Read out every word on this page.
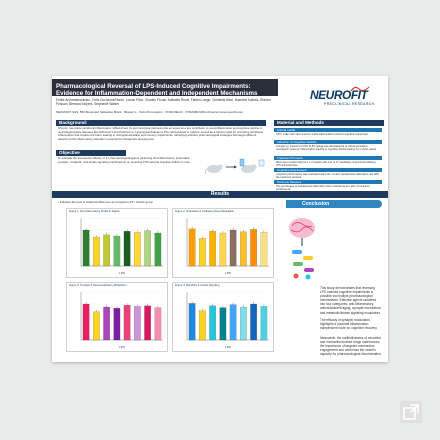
Pharmacological Reversal of LPS-Induced Cognitive Impairments:
Evidence for Inflammation-Dependent and Independent Mechanisms
Emilie Archambeaulcieu, Chris Duchesne/Noreu, Louise Pilon, Charles Proust, Adelaide Renzi, Fabien Lange, Christelle Aliux, Nazoline Kaliotis, Étienne Poisson, Bertrand Noyers, Stephanie Walker
NEUROFIT SAS, 850 Boulevard Sébastien Brant · Bioparc 1 · Parc d'Innovation · 67400 Illkirch · STRASBOURG (France) www.neurofit.com
NEUROFIT
PRECLINICAL RESEARCH
Background:
Chronic, low-grade peripheral inflammation ruffled driven by gut microbiota (sickness-risk-emerged as a key contributor to neuroinflammation and cognitive decline in neurodegenerative diseases like Alzheimer's and Parkinson's. Lipopolysaccharides (LPS), administered to rodents, serves as a robust model for mimicking peripheral inflammation that impacts the brain, leading to microglial activation and memory impairments. Identifying effective pharmacological strategies that target different aspects of this inflammatory cascade is essential for therapeutic development.
Objective
To evaluate the therapeutic efficacy of 17 pharmacological agents (spanning anti-inflammatory, antioxidant, synaptic, metabolic, and kinase signaling mechanisms) on reversing LPS-induced cognitive deficits in mice.
Material and Methods
Animal model
C57 / male mice were used to model inflammation-induced cognitive impairment.
Induction of Cognitive Deficits
A single i.p. injection of LPS (0.83 mg/kg) was administered to induce persistent, neurogenic systemic inflammation leading to cognitive deficits lasting up to three weeks.
Treatment Protocol
Mice were treated daily for 1 or 3 weeks with one of 17 candidate compounds following LPS administration.
Cognitive Assessment
Cognitive performance was evaluated using the T-maze spontaneous alternation test after the treatment protocol.
Outcome Measure
The percentage of spontaneous alternation was recorded as an index of cognitive performance.
Results
• Indicates the level of statistical difference as compared LPS / Vehicle group
Figure 1: Anti-inflammatory Profile & Targets
LPS
Figure 2: Antioxidant & Oxidative Stress Modulation
LPS
Figure 3: Synaptic & Neuromodulatory Modulation
LPS
Figure 4: Metabolic & Kinase Signaling
LPS
Conclusion
This study demonstrates that reversing LPS-induced cognitive impairments is possible via multiple pharmacological mechanisms. Effective agents clustered into four categories: anti-inflammatory, antioxidant/anti-aging, synaptic modulators, and metabolic/kinase signaling modulators.
The efficacy of synaptic modulators highlights a potential inflammation-independent route for cognitive recovery.
Meanwhile, the ineffectiveness of microbial and mechanism-based drugs underscores the importance of targeted mechanism engagement and reinforces the model's capacity for pharmacological discrimination.
